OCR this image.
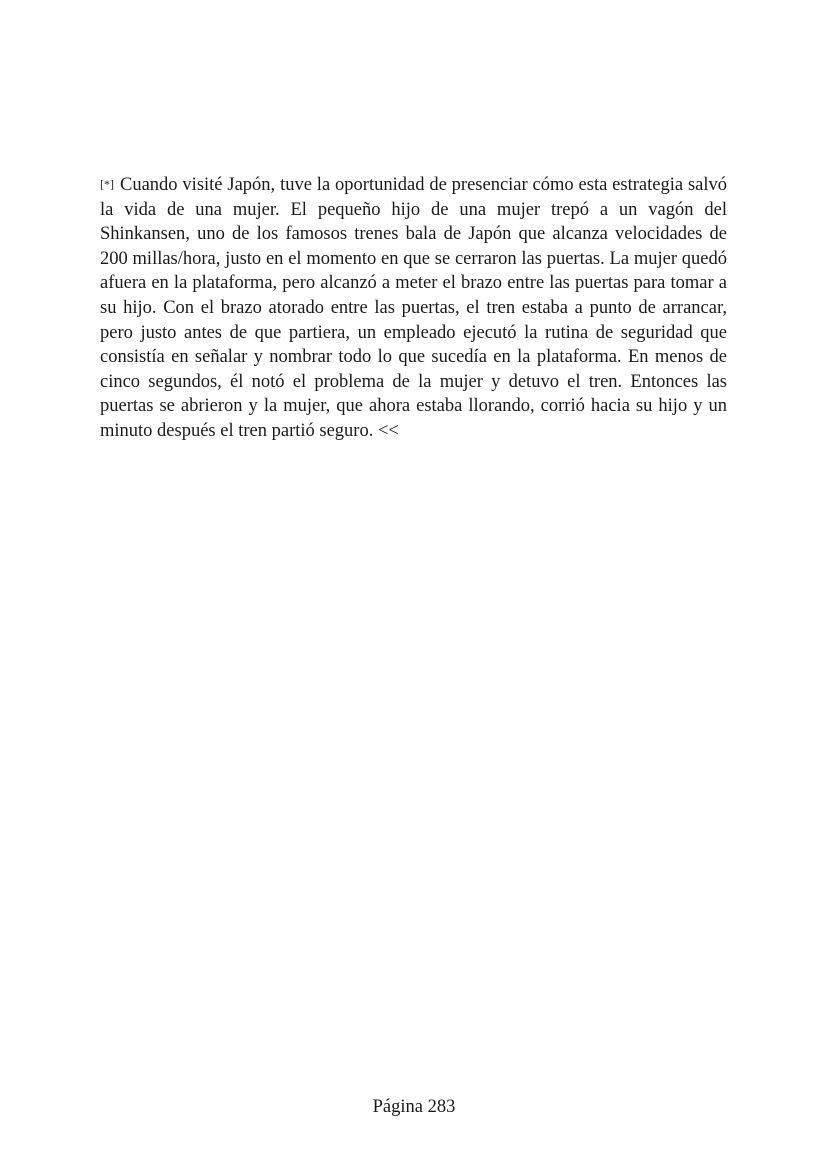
[*] Cuando visité Japón, tuve la oportunidad de presenciar cómo esta estrategia salvó la vida de una mujer. El pequeño hijo de una mujer trepó a un vagón del Shinkansen, uno de los famosos trenes bala de Japón que alcanza velocidades de 200 millas/hora, justo en el momento en que se cerraron las puertas. La mujer quedó afuera en la plataforma, pero alcanzó a meter el brazo entre las puertas para tomar a su hijo. Con el brazo atorado entre las puertas, el tren estaba a punto de arrancar, pero justo antes de que partiera, un empleado ejecutó la rutina de seguridad que consistía en señalar y nombrar todo lo que sucedía en la plataforma. En menos de cinco segundos, él notó el problema de la mujer y detuvo el tren. Entonces las puertas se abrieron y la mujer, que ahora estaba llorando, corrió hacia su hijo y un minuto después el tren partió seguro. <<

Página 283
